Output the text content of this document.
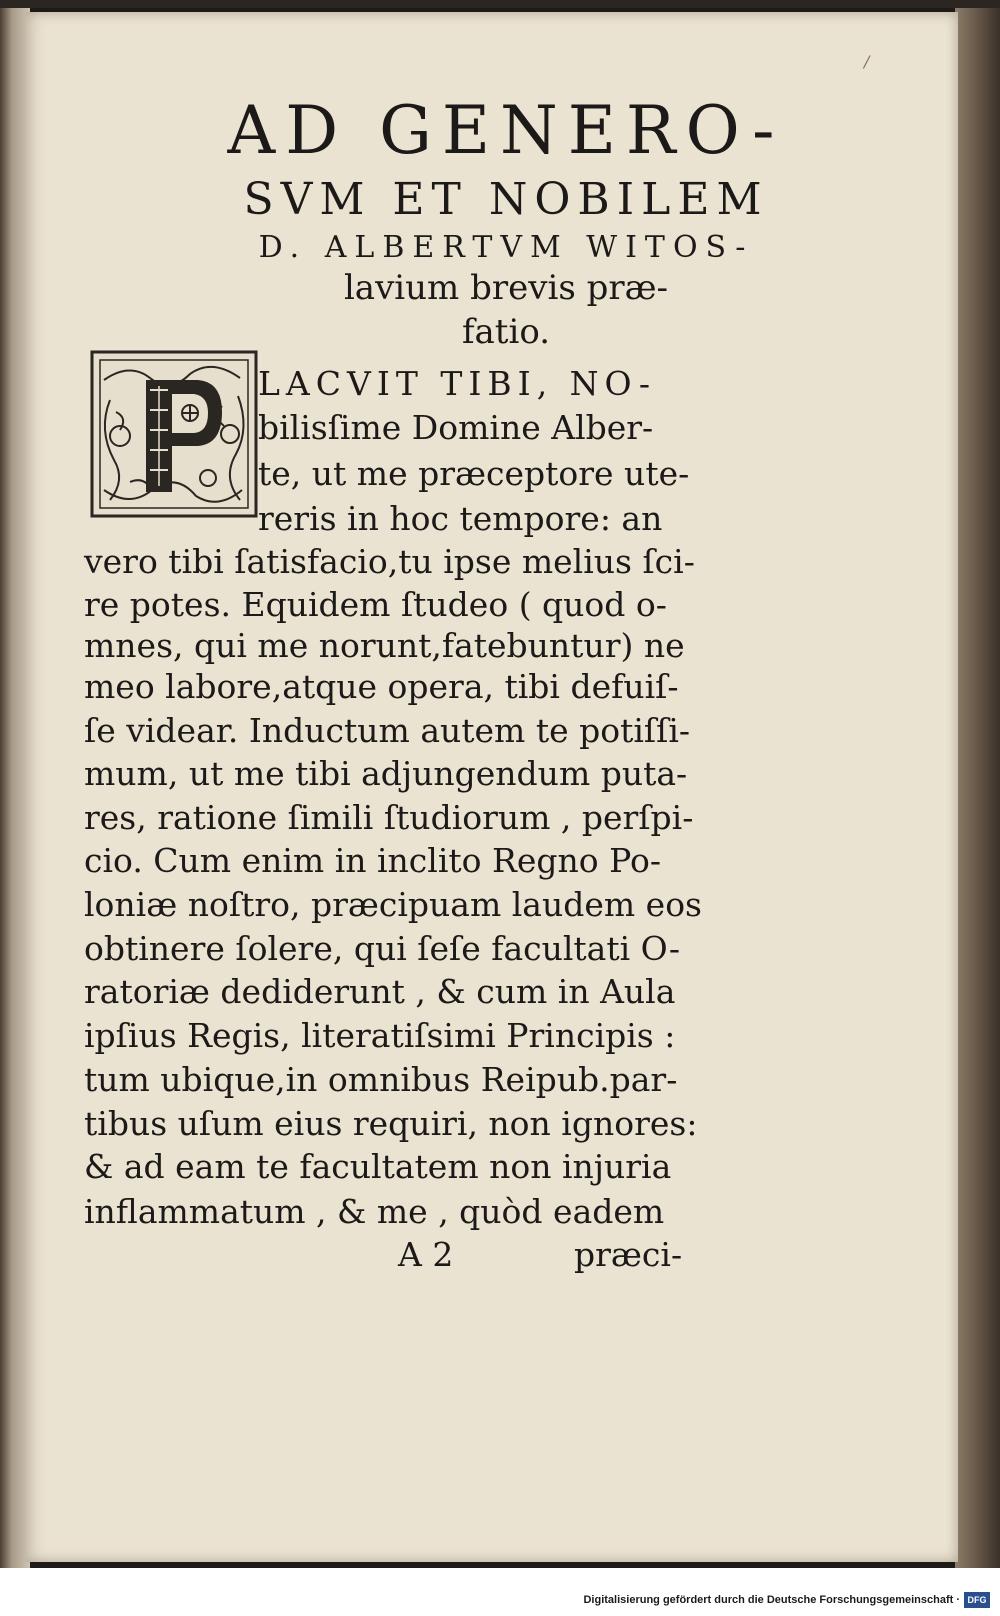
/
AD GENERO-
SVM ET NOBILEM
D. ALBERTVM WITOS-
lavium brevis præ-
fatio.
LACVIT TIBI, NO-
bilisſime Domine Alber-
te, ut me præceptore ute-
reris in hoc tempore: an
vero tibi ſatisfacio,tu ipse melius ſci-
re potes. Equidem ſtudeo ( quod o-
mnes, qui me norunt,fatebuntur) ne
meo labore,atque opera, tibi defuiſ-
ſe videar. Inductum autem te potiſſi-
mum, ut me tibi adjungendum puta-
res, ratione ſimili ſtudiorum , perſpi-
cio. Cum enim in inclito Regno Po-
loniæ noſtro, præcipuam laudem eos
obtinere ſolere, qui ſeſe facultati O-
ratoriæ dediderunt , & cum in Aula
ipſius Regis, literatiſsimi Principis :
tum ubique,in omnibus Reipub.par-
tibus uſum eius requiri, non ignores:
& ad eam te facultatem non injuria
inflammatum , & me , quòd eadem
A 2	præci-
Digitalisierung gefördert durch die Deutsche Forschungsgemeinschaft · DFG
